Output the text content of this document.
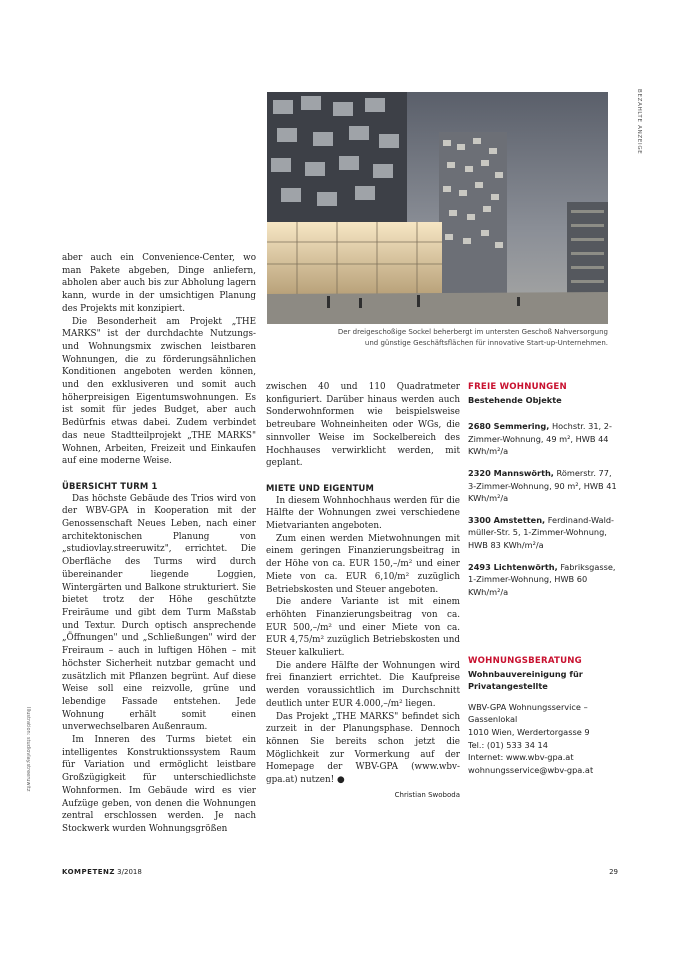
BEZAHLTE ANZEIGE
Illustration: studiovlay.streeruwitz
Der dreigeschoßige Sockel beherbergt im untersten Geschoß Nahversorgung
und günstige Geschäftsflächen für innovative Start-up-Unternehmen.

aber auch ein Convenience-Center, wo man Pakete abgeben, Dinge anliefern, abholen aber auch bis zur Abholung lagern kann, wurde in der umsichtigen Planung des Projekts mit konzipiert.

Die Besonderheit am Projekt „THE MARKS" ist der durchdachte Nutzungs- und Wohnungsmix zwischen leistbaren Wohnungen, die zu förderungsähnlichen Konditionen angeboten werden können, und den exklusiveren und somit auch höherpreisigen Eigentumswohnungen. Es ist somit für jedes Budget, aber auch Bedürfnis etwas dabei. Zudem verbindet das neue Stadtteilprojekt „THE MARKS" Wohnen, Arbeiten, Freizeit und Einkaufen auf eine moderne Weise.

ÜBERSICHT TURM 1

Das höchste Gebäude des Trios wird von der WBV-GPA in Kooperation mit der Genossenschaft Neues Leben, nach einer architektonischen Planung von „studiovlay.streeruwitz", errichtet. Die Oberfläche des Turms wird durch übereinander liegende Loggien, Wintergärten und Balkone strukturiert. Sie bietet trotz der Höhe geschützte Freiräume und gibt dem Turm Maßstab und Textur. Durch optisch ansprechende „Öffnungen" und „Schließungen" wird der Freiraum – auch in luftigen Höhen – mit höchster Sicherheit nutzbar gemacht und zusätzlich mit Pflanzen begrünt. Auf diese Weise soll eine reizvolle, grüne und lebendige Fassade entstehen. Jede Wohnung erhält somit einen unverwechselbaren Außenraum.

Im Inneren des Turms bietet ein intelligentes Konstruktionssystem Raum für Variation und ermöglicht leistbare Großzügigkeit für unterschiedlichste Wohnformen. Im Gebäude wird es vier Aufzüge geben, von denen die Wohnungen zentral erschlossen werden. Je nach Stockwerk wurden Wohnungsgrößen

zwischen 40 und 110 Quadratmeter konfiguriert. Darüber hinaus werden auch Sonderwohnformen wie beispielsweise betreubare Wohneinheiten oder WGs, die sinnvoller Weise im Sockelbereich des Hochhauses verwirklicht werden, mit geplant.

MIETE UND EIGENTUM

In diesem Wohnhochhaus werden für die Hälfte der Wohnungen zwei verschiedene Mietvarianten angeboten.

Zum einen werden Mietwohnungen mit einem geringen Finanzierungsbeitrag in der Höhe von ca. EUR 150,–/m² und einer Miete von ca. EUR 6,10/m² zuzüglich Betriebskosten und Steuer angeboten.

Die andere Variante ist mit einem erhöhten Finanzierungsbeitrag von ca. EUR 500,–/m² und einer Miete von ca. EUR 4,75/m² zuzüglich Betriebskosten und Steuer kalkuliert.

Die andere Hälfte der Wohnungen wird frei finanziert errichtet. Die Kaufpreise werden voraussichtlich im Durchschnitt deutlich unter EUR 4.000,–/m² liegen.

Das Projekt „THE MARKS" befindet sich zurzeit in der Planungsphase. Dennoch können Sie bereits schon jetzt die Möglichkeit zur Vormerkung auf der Homepage der WBV-GPA (www.wbv-gpa.at) nutzen! ●

Christian Swoboda

FREIE WOHNUNGEN

Bestehende Objekte

2680 Semmering, Hochstr. 31, 2-Zimmer-Wohnung, 49 m², HWB 44 KWh/m²/a

2320 Mannswörth, Römerstr. 77, 3-Zimmer-Wohnung, 90 m², HWB 41 KWh/m²/a

3300 Amstetten, Ferdinand-Wald-müller-Str. 5, 1-Zimmer-Wohnung, HWB 83 KWh/m²/a

2493 Lichtenwörth, Fabriksgasse, 1-Zimmer-Wohnung, HWB 60 KWh/m²/a

WOHNUNGSBERATUNG

Wohnbauvereinigung für Privatangestellte

WBV-GPA Wohnungsservice –

Gassenlokal

1010 Wien, Werdertorgasse 9

Tel.: (01) 533 34 14

Internet: www.wbv-gpa.at

wohnungsservice@wbv-gpa.at

KOMPETENZ 3/2018	29
